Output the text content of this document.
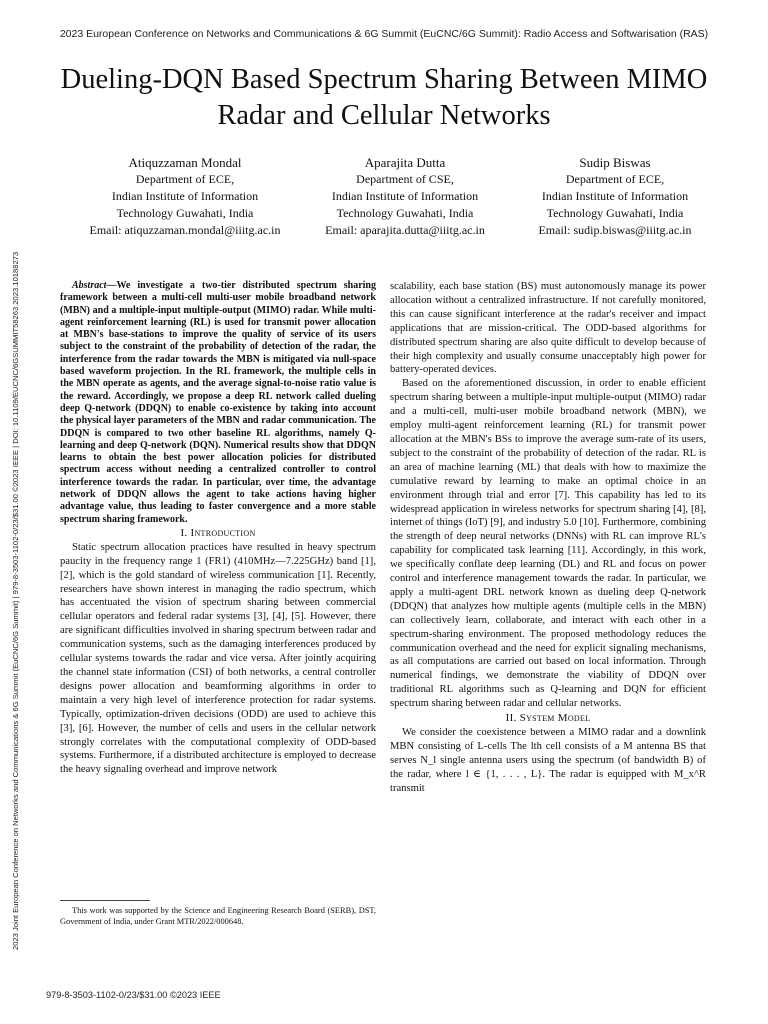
2023 European Conference on Networks and Communications & 6G Summit (EuCNC/6G Summit): Radio Access and Softwarisation (RAS)
2023 Joint European Conference on Networks and Communications & 6G Summit (EuCNC/6G Summit) | 979-8-3503-1102-0/23/$31.00 ©2023 IEEE | DOI: 10.1109/EUCNC/6GSUMMIT58263.2023.10188273
Dueling-DQN Based Spectrum Sharing Between MIMO Radar and Cellular Networks
Atiquzzaman Mondal
Department of ECE,
Indian Institute of Information
Technology Guwahati, India
Email: atiquzzaman.mondal@iiitg.ac.in
Aparajita Dutta
Department of CSE,
Indian Institute of Information
Technology Guwahati, India
Email: aparajita.dutta@iiitg.ac.in
Sudip Biswas
Department of ECE,
Indian Institute of Information
Technology Guwahati, India
Email: sudip.biswas@iiitg.ac.in

Abstract—We investigate a two-tier distributed spectrum sharing framework between a multi-cell multi-user mobile broadband network (MBN) and a multiple-input multiple-output (MIMO) radar. While multi-agent reinforcement learning (RL) is used for transmit power allocation at MBN's base-stations to improve the quality of service of its users subject to the constraint of the probability of detection of the radar, the interference from the radar towards the MBN is mitigated via null-space based waveform projection. In the RL framework, the multiple cells in the MBN operate as agents, and the average signal-to-noise ratio value is the reward. Accordingly, we propose a deep RL network called dueling deep Q-network (DDQN) to enable co-existence by taking into account the physical layer parameters of the MBN and radar communication. The DDQN is compared to two other baseline RL algorithms, namely Q-learning and deep Q-network (DQN). Numerical results show that DDQN learns to obtain the best power allocation policies for distributed spectrum access without needing a centralized controller to control interference towards the radar. In particular, over time, the advantage network of DDQN allows the agent to take actions having higher advantage value, thus leading to faster convergence and a more stable spectrum sharing framework.

I. Introduction

Static spectrum allocation practices have resulted in heavy spectrum paucity in the frequency range 1 (FR1) (410MHz—7.225GHz) band [1], [2], which is the gold standard of wireless communication [1]. Recently, researchers have shown interest in managing the radio spectrum, which has accentuated the vision of spectrum sharing between commercial cellular operators and federal radar systems [3], [4], [5]. However, there are significant difficulties involved in sharing spectrum between radar and communication systems, such as the damaging interferences produced by cellular systems towards the radar and vice versa. After jointly acquiring the channel state information (CSI) of both networks, a central controller designs power allocation and beamforming algorithms in order to maintain a very high level of interference protection for radar systems. Typically, optimization-driven decisions (ODD) are used to achieve this [3], [6]. However, the number of cells and users in the cellular network strongly correlates with the computational complexity of ODD-based systems. Furthermore, if a distributed architecture is employed to decrease the heavy signaling overhead and improve network

This work was supported by the Science and Engineering Research Board (SERB), DST, Government of India, under Grant MTR/2022/000648.

scalability, each base station (BS) must autonomously manage its power allocation without a centralized infrastructure. If not carefully monitored, this can cause significant interference at the radar's receiver and impact applications that are mission-critical. The ODD-based algorithms for distributed spectrum sharing are also quite difficult to develop because of their high complexity and usually consume unacceptably high power for battery-operated devices.

Based on the aforementioned discussion, in order to enable efficient spectrum sharing between a multiple-input multiple-output (MIMO) radar and a multi-cell, multi-user mobile broadband network (MBN), we employ multi-agent reinforcement learning (RL) for transmit power allocation at the MBN's BSs to improve the average sum-rate of its users, subject to the constraint of the probability of detection of the radar. RL is an area of machine learning (ML) that deals with how to maximize the cumulative reward by learning to make an optimal choice in an environment through trial and error [7]. This capability has led to its widespread application in wireless networks for spectrum sharing [4], [8], internet of things (IoT) [9], and industry 5.0 [10]. Furthermore, combining the strength of deep neural networks (DNNs) with RL can improve RL's capability for complicated task learning [11]. Accordingly, in this work, we specifically conflate deep learning (DL) and RL and focus on power control and interference management towards the radar. In particular, we apply a multi-agent DRL network known as dueling deep Q-network (DDQN) that analyzes how multiple agents (multiple cells in the MBN) can collectively learn, collaborate, and interact with each other in a spectrum-sharing environment. The proposed methodology reduces the communication overhead and the need for explicit signaling mechanisms, as all computations are carried out based on local information. Through numerical findings, we demonstrate the viability of DDQN over traditional RL algorithms such as Q-learning and DQN for efficient spectrum sharing between radar and cellular networks.

II. System Model

We consider the coexistence between a MIMO radar and a downlink MBN consisting of L-cells The lth cell consists of a M antenna BS that serves N_l single antenna users using the spectrum (of bandwidth B) of the radar, where l ∈ {1, . . . , L}. The radar is equipped with M_x^R transmit

979-8-3503-1102-0/23/$31.00 ©2023 IEEE
